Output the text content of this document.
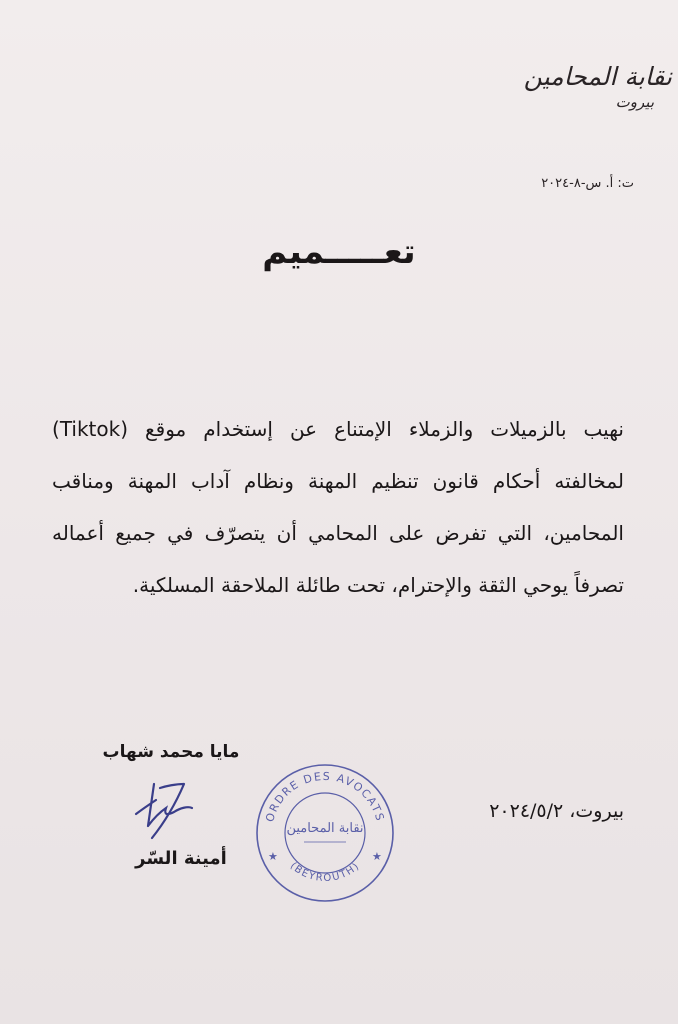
نقابة المحامين
بيروت
ت: أ. س-٨-٢٠٢٤
تعـــــميم
نهيب بالزميلات والزملاء الإمتناع عن إستخدام موقع (Tiktok) لمخالفته أحكام قانون تنظيم المهنة ونظام آداب المهنة ومناقب المحامين، التي تفرض على المحامي أن يتصرّف في جميع أعماله تصرفاً يوحي الثقة والإحترام، تحت طائلة الملاحقة المسلكية.
مايا محمد شهاب
أمينة السّر
ORDRE DES AVOCATS
(BEYROUTH)
★	★
نقابة المحامين
بيروت، ٢٠٢٤/٥/٢
